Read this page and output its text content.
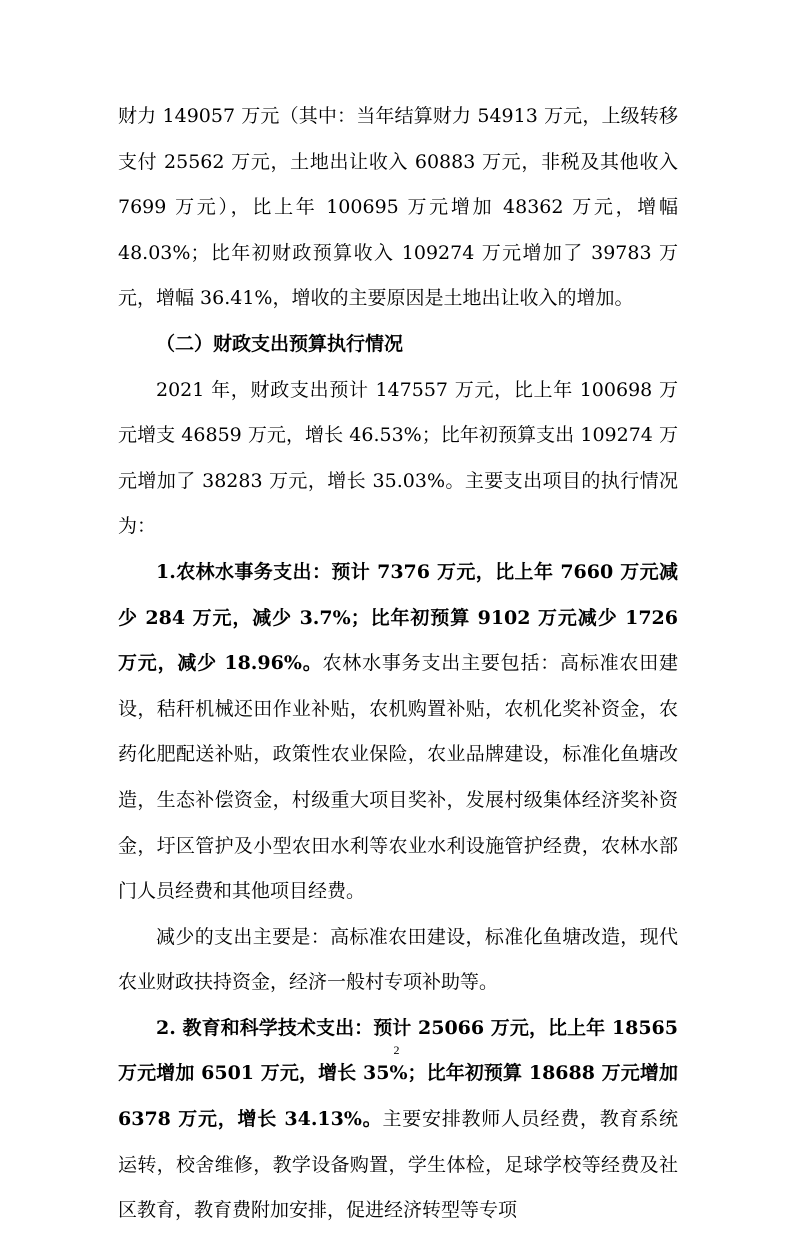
财力 149057 万元（其中：当年结算财力 54913 万元，上级转移支付 25562 万元，土地出让收入 60883 万元，非税及其他收入 7699 万元），比上年 100695 万元增加 48362 万元，增幅 48.03%；比年初财政预算收入 109274 万元增加了 39783 万元，增幅 36.41%，增收的主要原因是土地出让收入的增加。

（二）财政支出预算执行情况

2021 年，财政支出预计 147557 万元，比上年 100698 万元增支 46859 万元，增长 46.53%；比年初预算支出 109274 万元增加了 38283 万元，增长 35.03%。主要支出项目的执行情况为：

1.农林水事务支出：预计 7376 万元，比上年 7660 万元减少 284 万元，减少 3.7%；比年初预算 9102 万元减少 1726 万元，减少 18.96%。农林水事务支出主要包括：高标准农田建设，秸秆机械还田作业补贴，农机购置补贴，农机化奖补资金，农药化肥配送补贴，政策性农业保险，农业品牌建设，标准化鱼塘改造，生态补偿资金，村级重大项目奖补，发展村级集体经济奖补资金，圩区管护及小型农田水利等农业水利设施管护经费，农林水部门人员经费和其他项目经费。

减少的支出主要是：高标准农田建设，标准化鱼塘改造，现代农业财政扶持资金，经济一般村专项补助等。

2. 教育和科学技术支出：预计 25066 万元，比上年 18565 万元增加 6501 万元，增长 35%；比年初预算 18688 万元增加 6378 万元，增长 34.13%。主要安排教师人员经费，教育系统运转，校舍维修，教学设备购置，学生体检，足球学校等经费及社区教育，教育费附加安排，促进经济转型等专项

2
